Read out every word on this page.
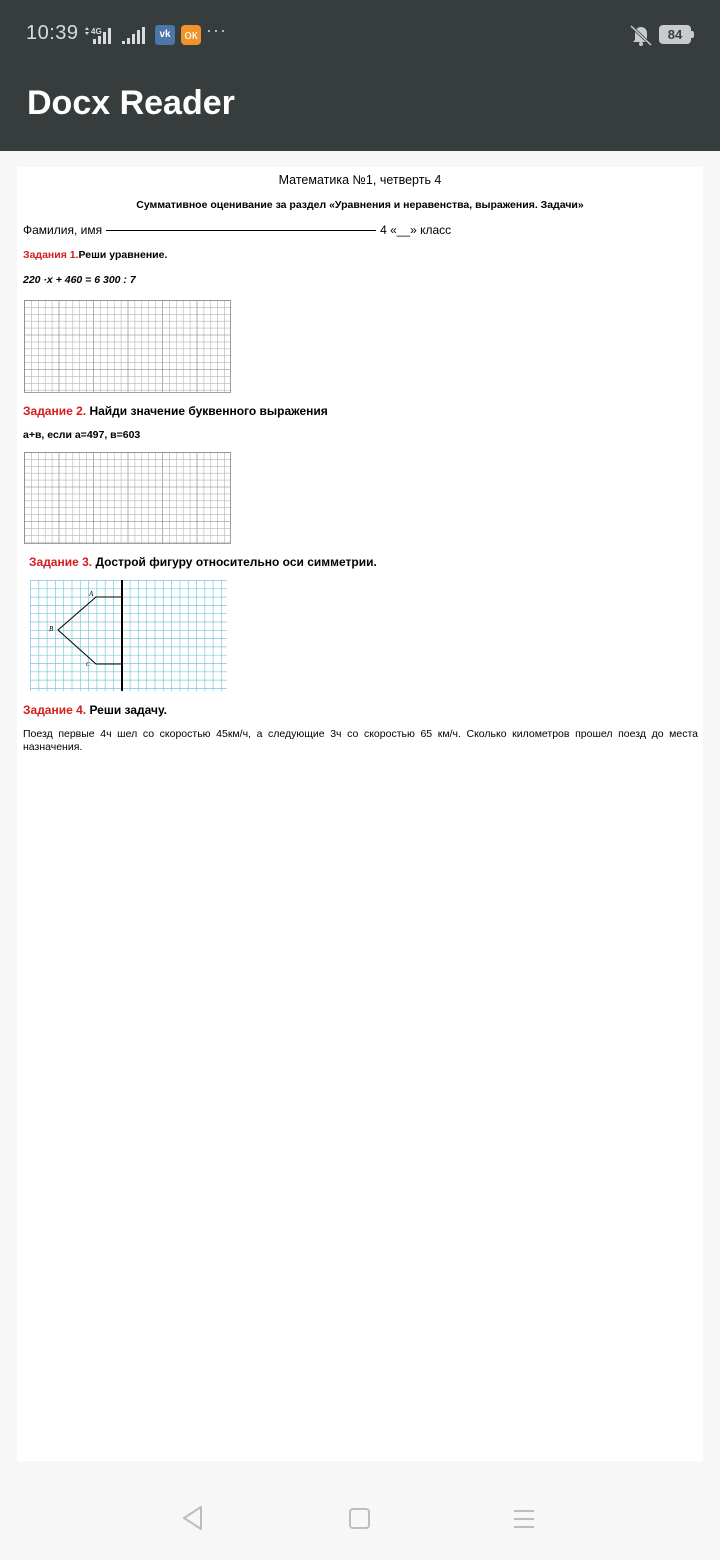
10:39 4G	vk	ок ···	84
Docx Reader
Математика №1, четверть 4
Суммативное оценивание за раздел «Уравнения и неравенства, выражения. Задачи»
Фамилия, имя	4 «__» класс
Задания 1.Реши уравнение.
220 ·x + 460 = 6 300 : 7
Задание 2. Найди значение буквенного выражения
а+в, если а=497, в=603
Задание 3. Дострой фигуру относительно оси симметрии.
A
B
C
Задание 4. Реши задачу.
Поезд первые 4ч шел со скоростью 45км/ч, а следующие 3ч со скоростью 65 км/ч. Сколько километров прошел поезд до места назначения.
